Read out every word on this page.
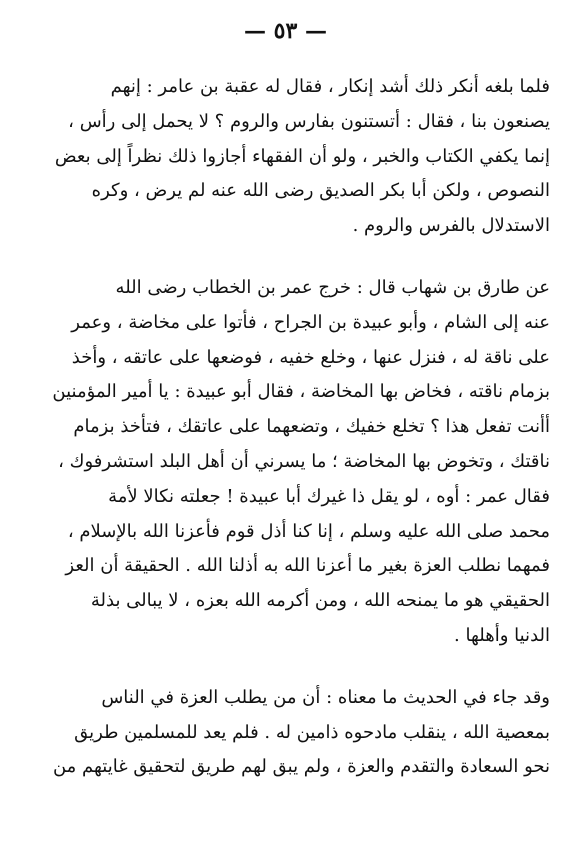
— ٥٣ —
فلما بلغه أنكر ذلك أشد إنكار ، فقال له عقبة بن عامر : إنهم
يصنعون بنا ، فقال : أتستنون بفارس والروم ؟ لا يحمل إلى رأس ،
إنما يكفي الكتاب والخبر ، ولو أن الفقهاء أجازوا ذلك نظراً إلى بعض
النصوص ، ولكن أبا بكر الصديق رضى الله عنه لم يرض ، وكره
الاستدلال بالفرس والروم .
عن طارق بن شهاب قال : خرج عمر بن الخطاب رضى الله
عنه إلى الشام ، وأبو عبيدة بن الجراح ، فأتوا على مخاضة ، وعمر
على ناقة له ، فنزل عنها ، وخلع خفيه ، فوضعها على عاتقه ، وأخذ
بزمام ناقته ، فخاض بها المخاضة ، فقال أبو عبيدة : يا أمير المؤمنين
أأنت تفعل هذا ؟ تخلع خفيك ، وتضعهما على عاتقك ، فتأخذ بزمام
ناقتك ، وتخوض بها المخاضة ؛ ما يسرني أن أهل البلد استشرفوك ،
فقال عمر : أوه ، لو يقل ذا غيرك أبا عبيدة ! جعلته نكالا لأمة
محمد صلى الله عليه وسلم ، إنا كنا أذل قوم فأعزنا الله بالإسلام ،
فمهما نطلب العزة بغير ما أعزنا الله به أذلنا الله . الحقيقة أن العز
الحقيقي هو ما يمنحه الله ، ومن أكرمه الله بعزه ، لا يبالى بذلة
الدنيا وأهلها .
وقد جاء في الحديث ما معناه : أن من يطلب العزة في الناس
بمعصية الله ، ينقلب مادحوه ذامين له . فلم يعد للمسلمين طريق
نحو السعادة والتقدم والعزة ، ولم يبق لهم طريق لتحقيق غايتهم من
